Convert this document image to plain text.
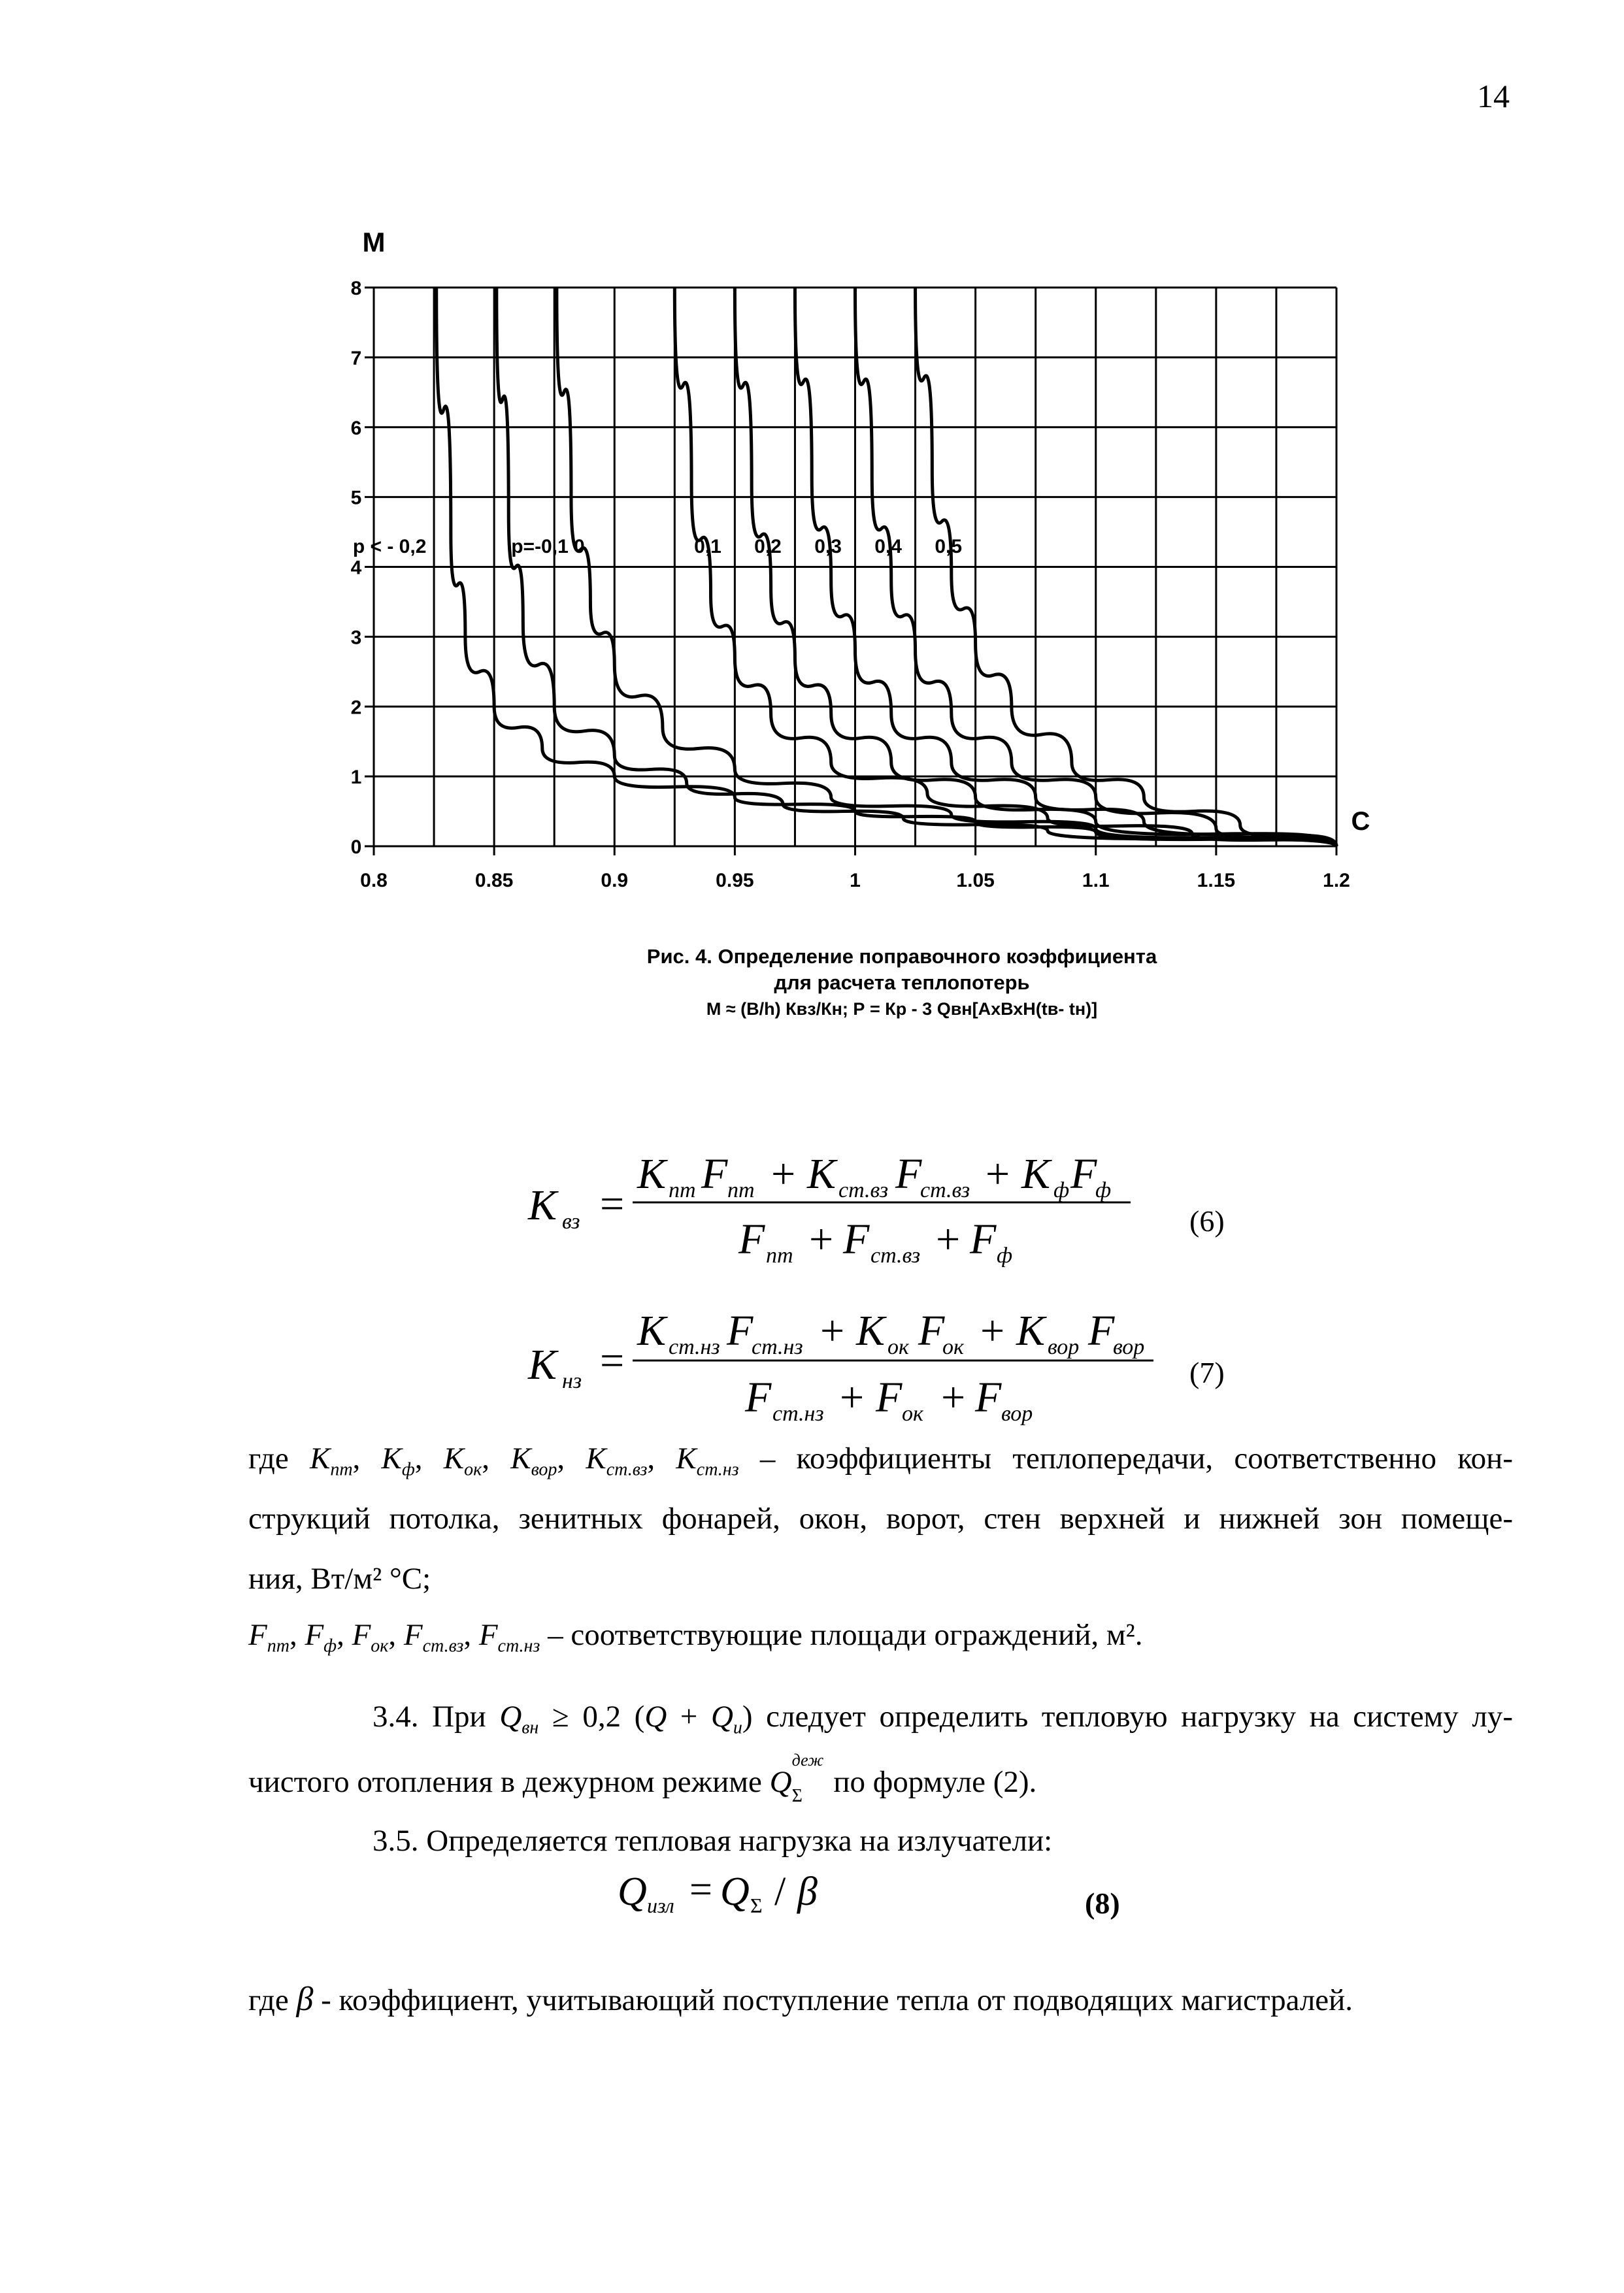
14
0.8	0.85	0.9	0.95	1	1.05	1.1	1.15	1.2
0
1
2
3
4
5
6
7
8
p < - 0,2	p=-0,1 0	0,1 0,2 0,3 0,4 0,5
M
C
Рис. 4. Определение поправочного коэффициента
для расчета теплопотерь
М ≈ (В/h) Квз/Кн; Р = Кр - 3 Qвн[АхВхН(tв- tн)]
K вз =
K пт F пт + K ст.вз F
ст.вз + K ф F
ф
F пт + F ст.вз + F ф
(6)
K нз =
K ст.нз F
ст.нз + K ок F
ок + K вор F
вор
F ст.нз + F ок + F вор
(7)
Q изл = Q Σ / β	(8)
где $K_{пт}$, $K_ф$, $K_{ок}$, $K_{вор}$, $K_{ст.вз}$, $K_{ст.нз}$ – коэффициенты теплопередачи, соответственно кон-
струкций потолка, зенитных фонарей, окон, ворот, стен верхней и нижней зон помеще-
ния, Вт/м² °С;
$F_{пт}$, $F_ф$, $F_{ок}$, $F_{ст.вз}$, $F_{ст.нз}$ – соответствующие площади ограждений, м².
3.4. При $Q_{вн} \ge 0,2$ $(Q + Q_и)$ следует определить тепловую нагрузку на систему лу-
чистого отопления в дежурном режиме Q
деж
Σ по формуле (2).
3.5. Определяется тепловая нагрузка на излучатели:
где β - коэффициент, учитывающий поступление тепла от подводящих магистралей.
